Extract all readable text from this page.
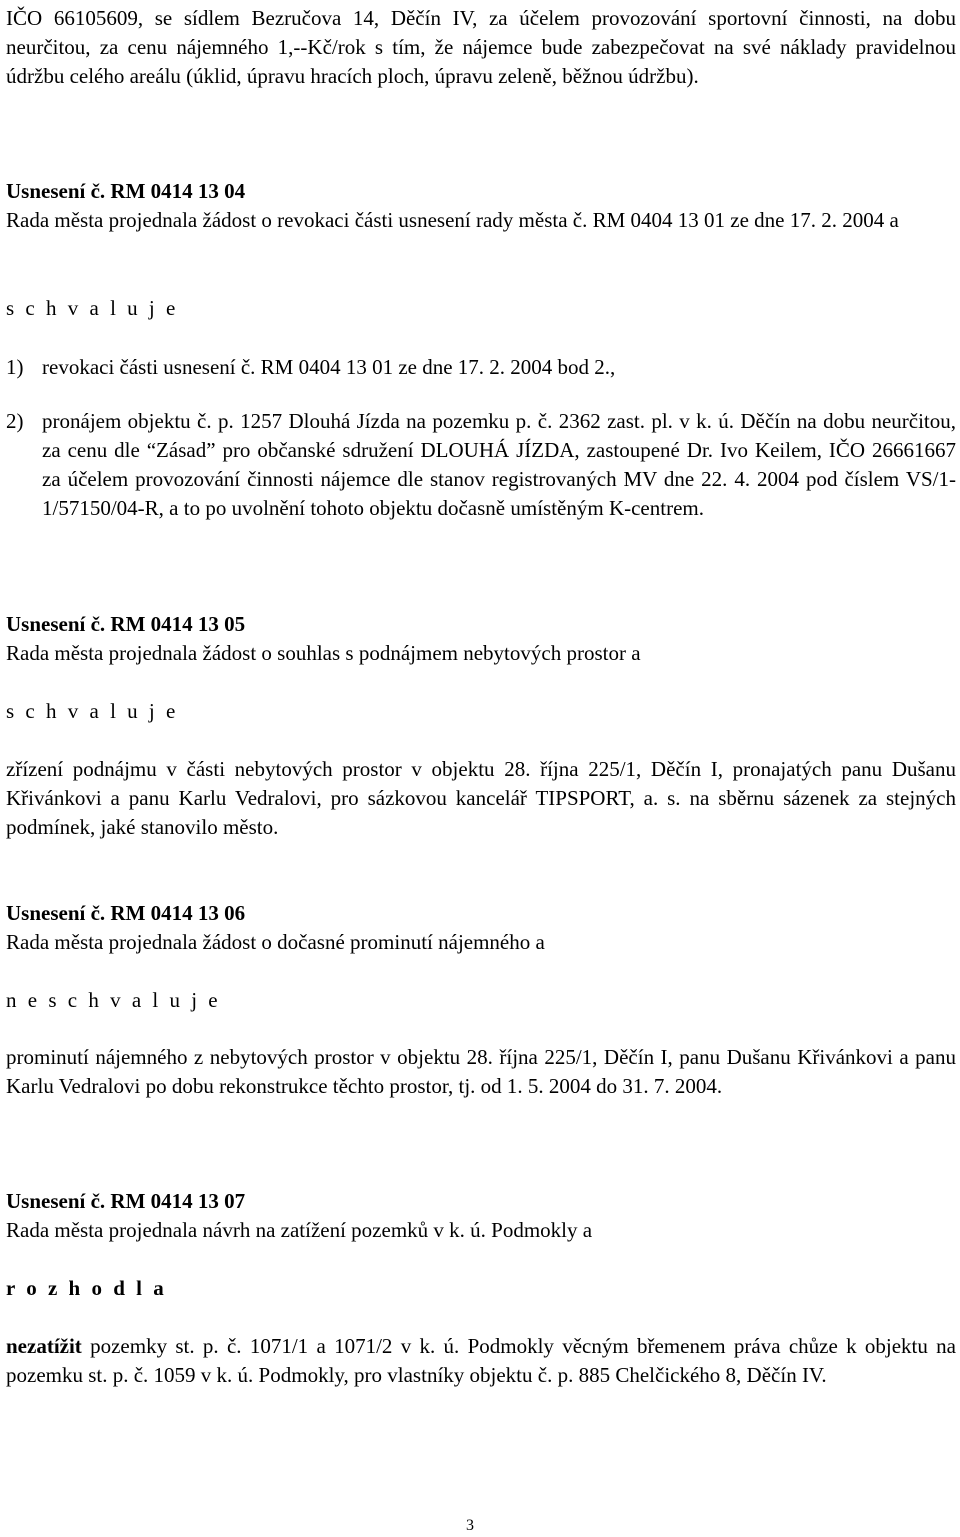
IČO 66105609, se sídlem Bezručova 14, Děčín IV, za účelem provozování sportovní činnosti, na dobu neurčitou, za cenu nájemného 1,--Kč/rok s tím, že nájemce bude zabezpečovat na své náklady pravidelnou údržbu celého areálu (úklid, úpravu hracích ploch, úpravu zeleně, běžnou údržbu).

Usnesení č. RM 0414 13 04

Rada města projednala žádost o revokaci části usnesení rady města č. RM 0404 13 01 ze dne 17. 2. 2004 a

s c h v a l u j e

1) revokaci části usnesení č. RM 0404 13 01 ze dne 17. 2. 2004 bod 2.,
2) pronájem objektu č. p. 1257 Dlouhá Jízda na pozemku p. č. 2362 zast. pl. v k. ú. Děčín na dobu neurčitou, za cenu dle “Zásad” pro občanské sdružení DLOUHÁ JÍZDA, zastoupené Dr. Ivo Keilem, IČO 26661667 za účelem provozování činnosti nájemce dle stanov registrovaných MV dne 22. 4. 2004 pod číslem VS/1-1/57150/04-R, a to po uvolnění tohoto objektu dočasně umístěným K-centrem.

Usnesení č. RM 0414 13 05

Rada města projednala žádost o souhlas s podnájmem nebytových prostor a

s c h v a l u j e

zřízení podnájmu v části nebytových prostor v objektu 28. října 225/1, Děčín I, pronajatých panu Dušanu Křivánkovi a panu Karlu Vedralovi, pro sázkovou kancelář TIPSPORT, a. s. na sběrnu sázenek za stejných podmínek, jaké stanovilo město.

Usnesení č. RM 0414 13 06

Rada města projednala žádost o dočasné prominutí nájemného a

n e s c h v a l u j e

prominutí nájemného z nebytových prostor v objektu 28. října 225/1, Děčín I, panu Dušanu Křivánkovi a panu Karlu Vedralovi po dobu rekonstrukce těchto prostor, tj. od 1. 5. 2004 do 31. 7. 2004.

Usnesení č. RM 0414 13 07

Rada města projednala návrh na zatížení pozemků v k. ú. Podmokly a

r o z h o d l a

nezatížit pozemky st. p. č. 1071/1 a 1071/2 v k. ú. Podmokly věcným břemenem práva chůze k objektu na pozemku st. p. č. 1059 v k. ú. Podmokly, pro vlastníky objektu č. p. 885 Chelčického 8, Děčín IV.

3
